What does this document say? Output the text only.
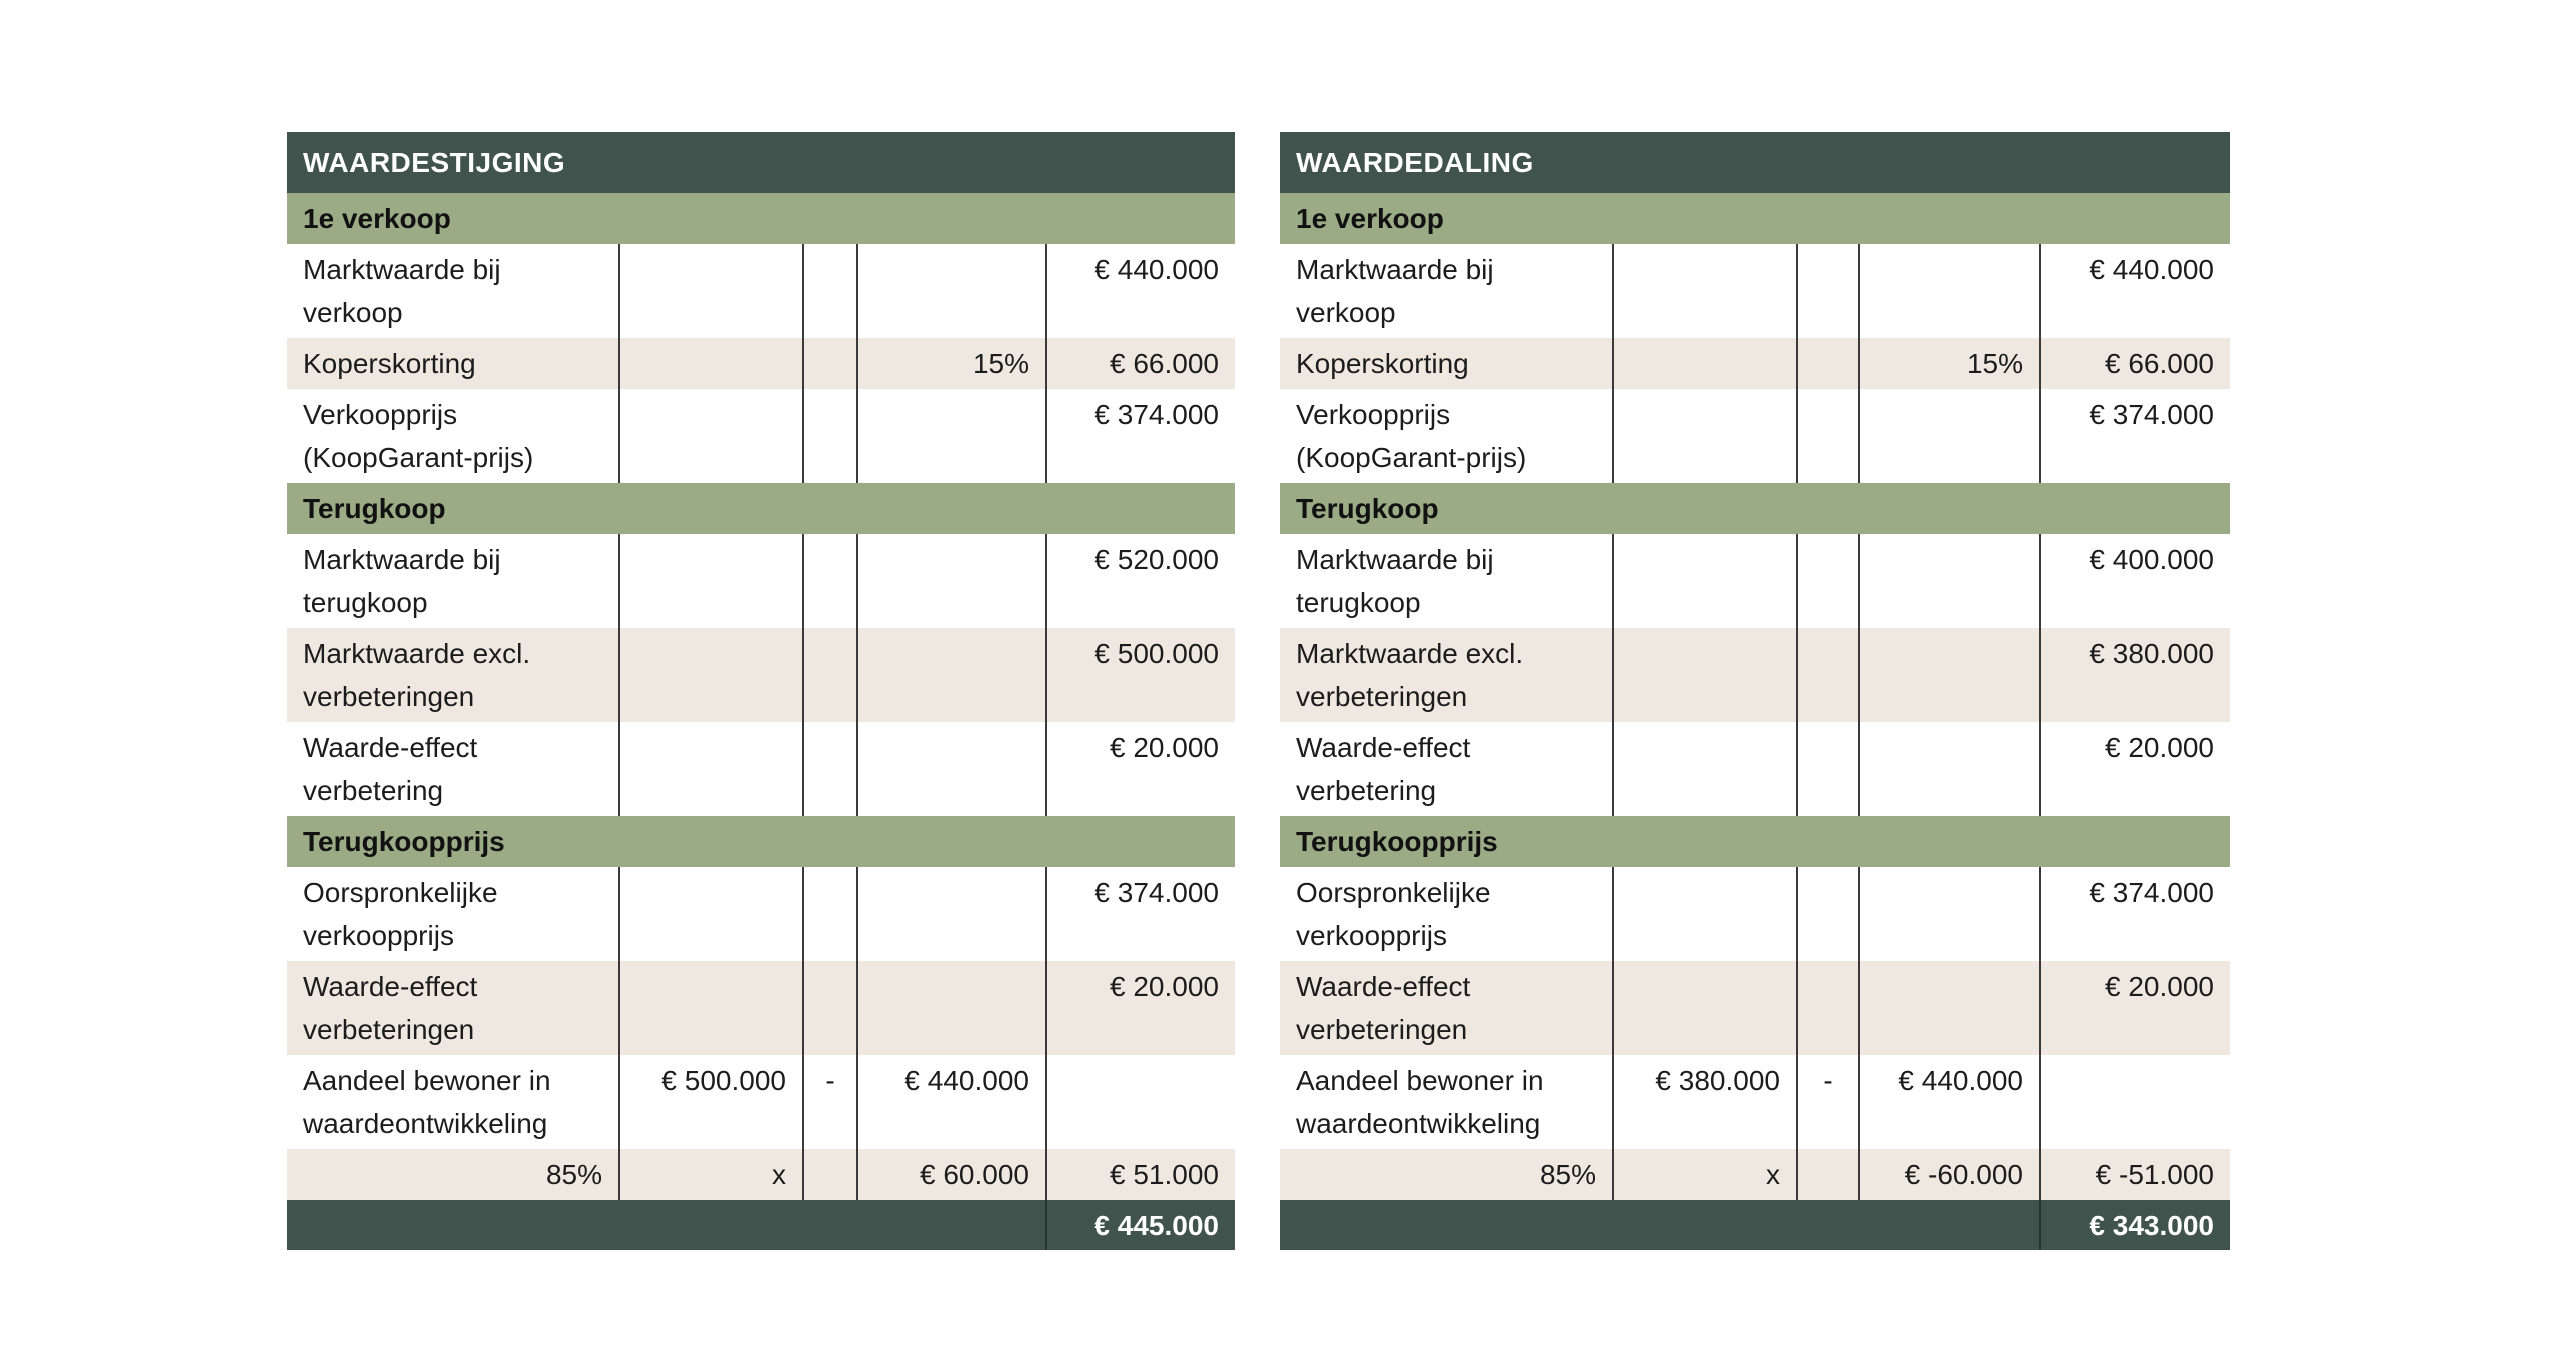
WAARDESTIJGING				
1e verkoop				

Marktwaarde bij
verkoop				€ 440.000
Koperskorting			15%	€ 66.000

Verkoopprijs
(KoopGarant-prijs)				€ 374.000
Terugkoop				

Marktwaarde bij
terugkoop				€ 520.000

Marktwaarde excl.
verbeteringen				€ 500.000

Waarde-effect
verbetering				€ 20.000
Terugkoopprijs				

Oorspronkelijke
verkoopprijs				€ 374.000

Waarde-effect
verbeteringen				€ 20.000

Aandeel bewoner in
waardeontwikkeling	€ 500.000	-	€ 440.000	
85%	x		€ 60.000	€ 51.000
				€ 445.000
WAARDEDALING				
1e verkoop				

Marktwaarde bij
verkoop				€ 440.000
Koperskorting			15%	€ 66.000

Verkoopprijs
(KoopGarant-prijs)				€ 374.000
Terugkoop				

Marktwaarde bij
terugkoop				€ 400.000

Marktwaarde excl.
verbeteringen				€ 380.000

Waarde-effect
verbetering				€ 20.000
Terugkoopprijs				

Oorspronkelijke
verkoopprijs				€ 374.000

Waarde-effect
verbeteringen				€ 20.000

Aandeel bewoner in
waardeontwikkeling	€ 380.000	-	€ 440.000	
85%	x		€ -60.000	€ -51.000
				€ 343.000
